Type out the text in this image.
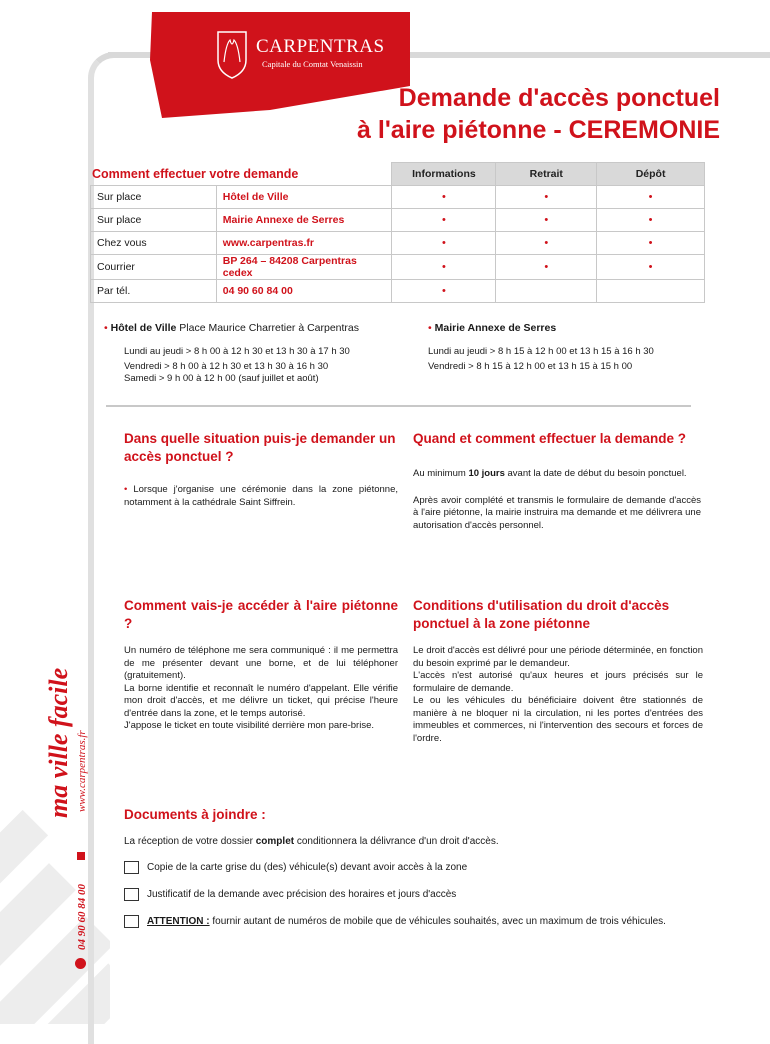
CARPENTRAS
Capitale du Comtat Venaissin
Demande d'accès ponctuel
à l'aire piétonne - CEREMONIE
Comment effectuer votre demande
		Informations	Retrait	Dépôt
Sur place	Hôtel de Ville	•	•	•
Sur place	Mairie Annexe de Serres	•	•	•
Chez vous	www.carpentras.fr	•	•	•
Courrier	BP 264 – 84208 Carpentras cedex	•	•	•
Par tél.	04 90 60 84 00	•		
• Hôtel de Ville Place Maurice Charretier à Carpentras
Lundi au jeudi > 8 h 00 à 12 h 30 et 13 h 30 à 17 h 30
Vendredi > 8 h 00 à 12 h 30 et 13 h 30 à 16 h 30
Samedi > 9 h 00 à 12 h 00 (sauf juillet et août)
• Mairie Annexe de Serres
Lundi au jeudi > 8 h 15 à 12 h 00 et 13 h 15 à 16 h 30
Vendredi > 8 h 15 à 12 h 00 et 13 h 15 à 15 h 00
Dans quelle situation puis-je demander un accès ponctuel ?
• Lorsque j'organise une cérémonie dans la zone piétonne, notamment à la cathédrale Saint Siffrein.
Quand et comment effectuer la demande ?
Au minimum 10 jours avant la date de début du besoin ponctuel.
Après avoir complété et transmis le formulaire de demande d'accès à l'aire piétonne, la mairie instruira ma demande et me délivrera une autorisation d'accès personnel.
Comment vais-je accéder à l'aire piétonne ?
Un numéro de téléphone me sera communiqué : il me permettra de me présenter devant une borne, et de lui téléphoner (gratuitement).
La borne identifie et reconnaît le numéro d'appelant. Elle vérifie mon droit d'accès, et me délivre un ticket, qui précise l'heure d'entrée dans la zone, et le temps autorisé.
J'appose le ticket en toute visibilité derrière mon pare-brise.
Conditions d'utilisation du droit d'accès ponctuel à la zone piétonne
Le droit d'accès est délivré pour une période déterminée, en fonction du besoin exprimé par le demandeur.
L'accès n'est autorisé qu'aux heures et jours précisés sur le formulaire de demande.
Le ou les véhicules du bénéficiaire doivent être stationnés de manière à ne bloquer ni la circulation, ni les portes d'entrées des immeubles et commerces, ni l'intervention des secours et forces de l'ordre.
Documents à joindre :
La réception de votre dossier complet conditionnera la délivrance d'un droit d'accès.
Copie de la carte grise du (des) véhicule(s) devant avoir accès à la zone
Justificatif de la demande avec précision des horaires et jours d'accès
ATTENTION : fournir autant de numéros de mobile que de véhicules souhaités, avec un maximum de trois véhicules.
ma ville facile www.carpentras.fr
04 90 60 84 00
